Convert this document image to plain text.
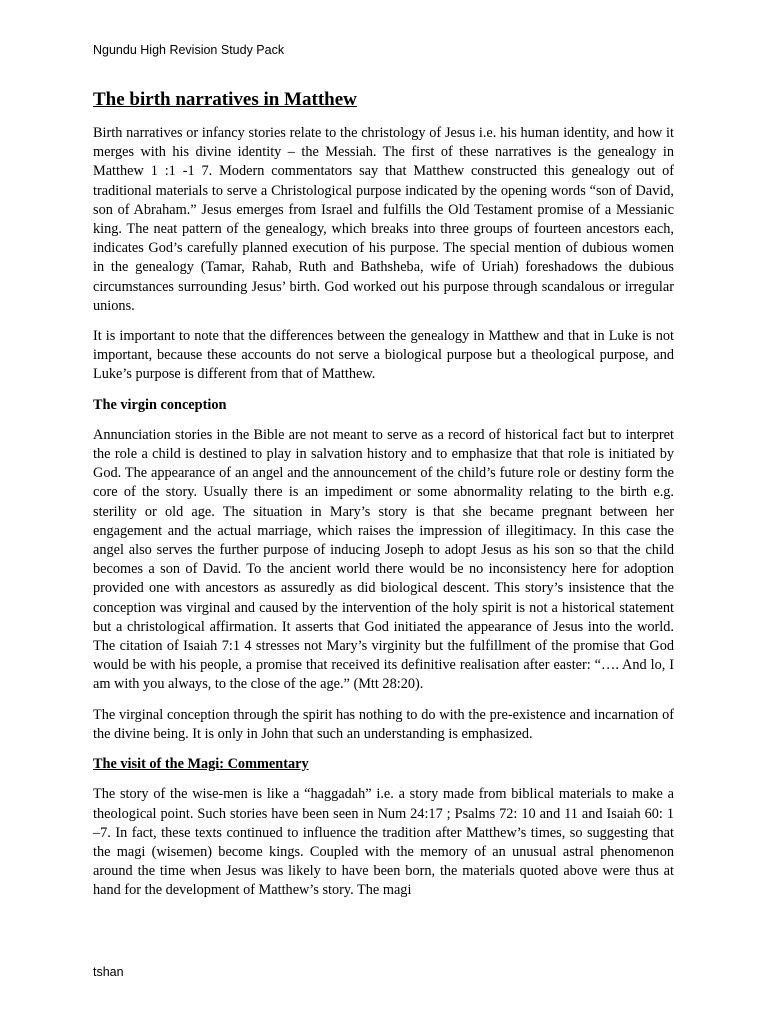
Ngundu High Revision Study Pack
The birth narratives in Matthew

Birth narratives or infancy stories relate to the christology of Jesus i.e. his human identity, and how it merges with his divine identity – the Messiah. The first of these narratives is the genealogy in Matthew 1 :1 -1 7. Modern commentators say that Matthew constructed this genealogy out of traditional materials to serve a Christological purpose indicated by the opening words “son of David, son of Abraham.” Jesus emerges from Israel and fulfills the Old Testament promise of a Messianic king. The neat pattern of the genealogy, which breaks into three groups of fourteen ancestors each, indicates God’s carefully planned execution of his purpose. The special mention of dubious women in the genealogy (Tamar, Rahab, Ruth and Bathsheba, wife of Uriah) foreshadows the dubious circumstances surrounding Jesus’ birth. God worked out his purpose through scandalous or irregular unions.

It is important to note that the differences between the genealogy in Matthew and that in Luke is not important, because these accounts do not serve a biological purpose but a theological purpose, and Luke’s purpose is different from that of Matthew.

The virgin conception

Annunciation stories in the Bible are not meant to serve as a record of historical fact but to interpret the role a child is destined to play in salvation history and to emphasize that that role is initiated by God. The appearance of an angel and the announcement of the child’s future role or destiny form the core of the story. Usually there is an impediment or some abnormality relating to the birth e.g. sterility or old age. The situation in Mary’s story is that she became pregnant between her engagement and the actual marriage, which raises the impression of illegitimacy. In this case the angel also serves the further purpose of inducing Joseph to adopt Jesus as his son so that the child becomes a son of David. To the ancient world there would be no inconsistency here for adoption provided one with ancestors as assuredly as did biological descent. This story’s insistence that the conception was virginal and caused by the intervention of the holy spirit is not a historical statement but a christological affirmation. It asserts that God initiated the appearance of Jesus into the world. The citation of Isaiah 7:1 4 stresses not Mary’s virginity but the fulfillment of the promise that God would be with his people, a promise that received its definitive realisation after easter: “…. And lo, I am with you always, to the close of the age.” (Mtt 28:20).

The virginal conception through the spirit has nothing to do with the pre-existence and incarnation of the divine being. It is only in John that such an understanding is emphasized.

The visit of the Magi: Commentary

The story of the wise-men is like a “haggadah” i.e. a story made from biblical materials to make a theological point. Such stories have been seen in Num 24:17 ; Psalms 72: 10 and 11 and Isaiah 60: 1 –7. In fact, these texts continued to influence the tradition after Matthew’s times, so suggesting that the magi (wisemen) become kings. Coupled with the memory of an unusual astral phenomenon around the time when Jesus was likely to have been born, the materials quoted above were thus at hand for the development of Matthew’s story. The magi

tshan
